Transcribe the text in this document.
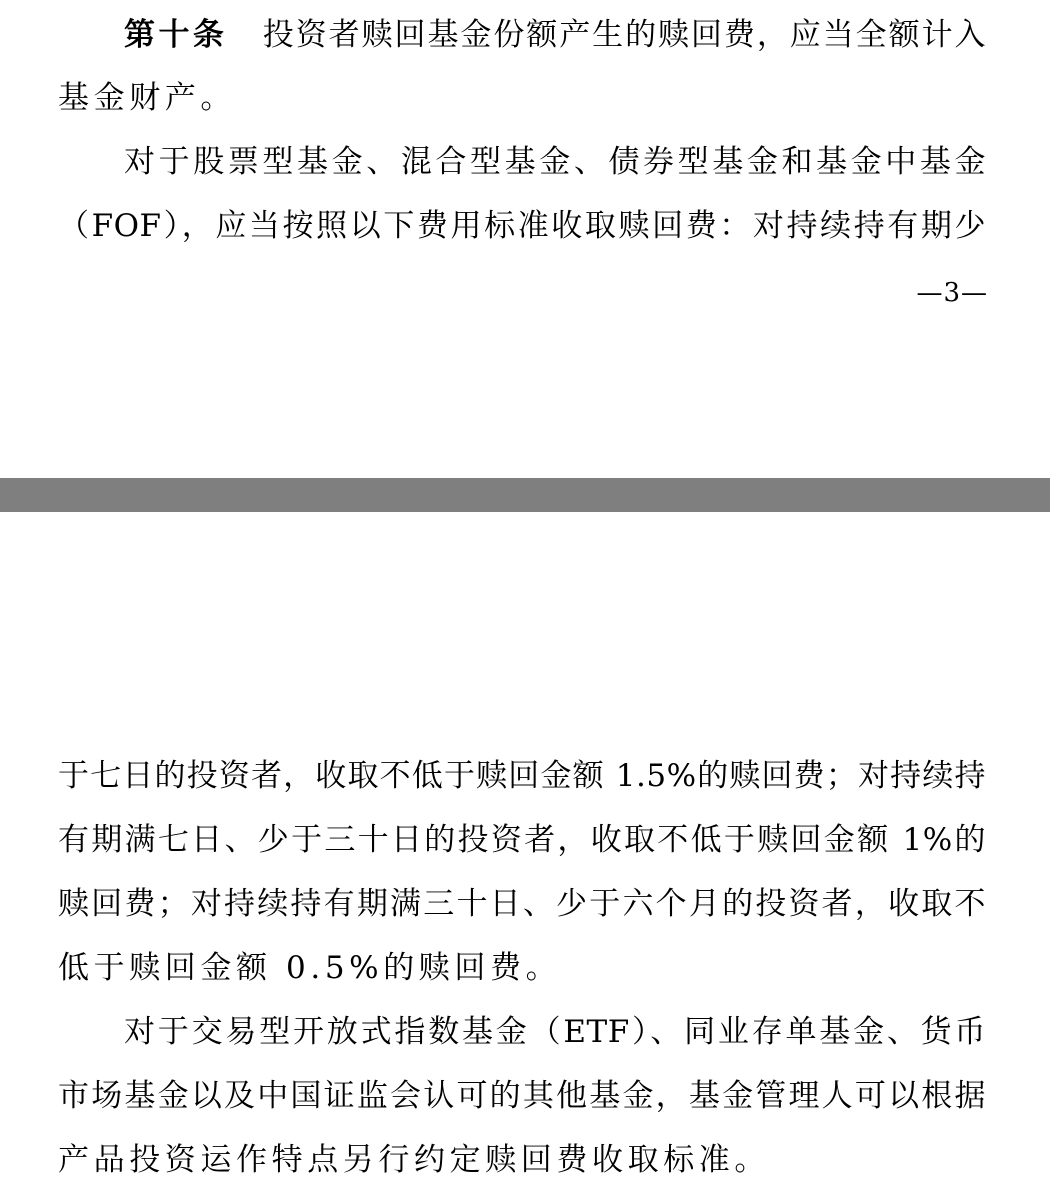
第十条 投资者赎回基金份额产生的赎回费，应当全额计入
基金财产。
对于股票型基金、混合型基金、债券型基金和基金中基金
（FOF），应当按照以下费用标准收取赎回费：对持续持有期少
—3—
于七日的投资者，收取不低于赎回金额 1.5%的赎回费；对持续持
有期满七日、少于三十日的投资者，收取不低于赎回金额 1%的
赎回费；对持续持有期满三十日、少于六个月的投资者，收取不
低于赎回金额 0.5%的赎回费。
对于交易型开放式指数基金（ETF）、同业存单基金、货币
市场基金以及中国证监会认可的其他基金，基金管理人可以根据
产品投资运作特点另行约定赎回费收取标准。
